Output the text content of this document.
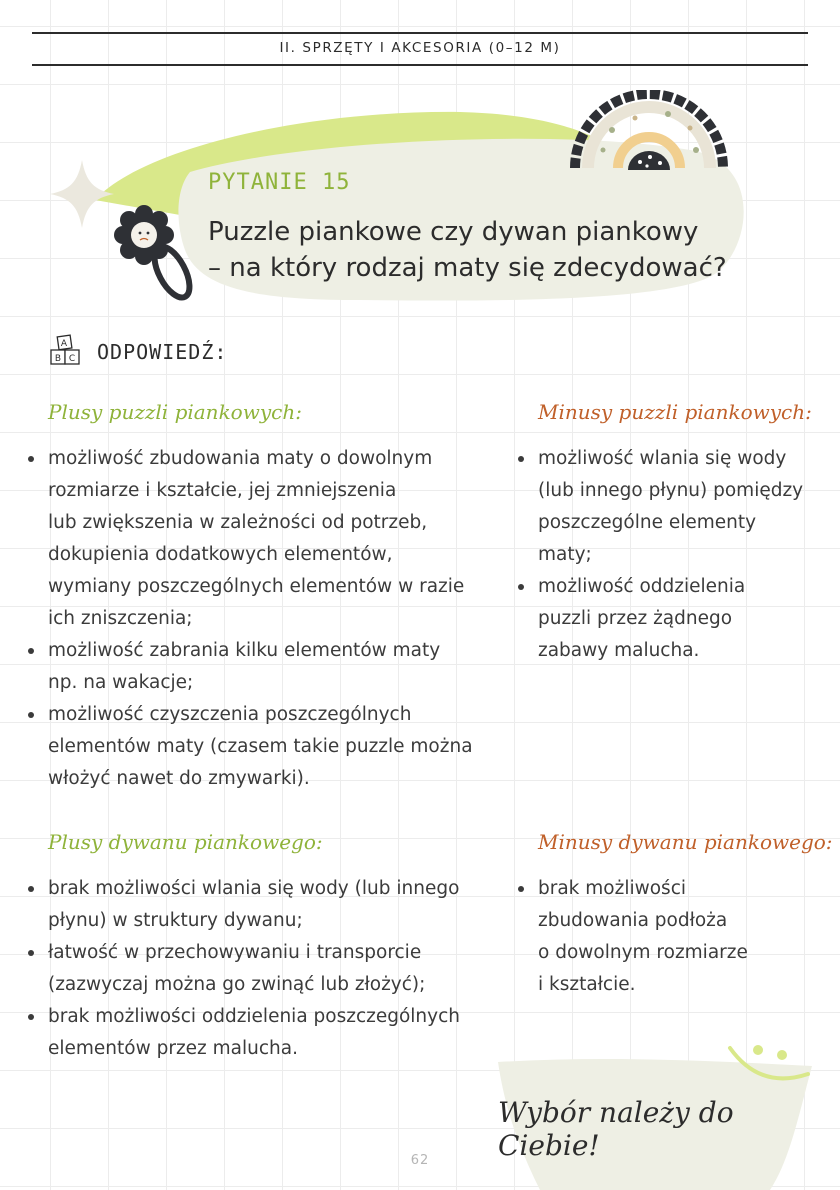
II. SPRZĘTY I AKCESORIA (0–12 M)
PYTANIE 15
Puzzle piankowe czy dywan piankowy
– na który rodzaj maty się zdecydować?
A
B C ODPOWIEDŹ:
Plusy puzzli piankowych:
możliwość zbudowania maty o dowolnym
rozmiarze i kształcie, jej zmniejszenia
lub zwiększenia w zależności od potrzeb,
dokupienia dodatkowych elementów,
wymiany poszczególnych elementów w razie
ich zniszczenia;
możliwość zabrania kilku elementów maty
np. na wakacje;
możliwość czyszczenia poszczególnych
elementów maty (czasem takie puzzle można
włożyć nawet do zmywarki).
Minusy puzzli piankowych:
możliwość wlania się wody
(lub innego płynu) pomiędzy
poszczególne elementy
maty;
możliwość oddzielenia
puzzli przez żądnego
zabawy malucha.
Plusy dywanu piankowego:
brak możliwości wlania się wody (lub innego
płynu) w struktury dywanu;
łatwość w przechowywaniu i transporcie
(zazwyczaj można go zwinąć lub złożyć);
brak możliwości oddzielenia poszczególnych
elementów przez malucha.
Minusy dywanu piankowego:
brak możliwości
zbudowania podłoża
o dowolnym rozmiarze
i kształcie.
Wybór należy do Ciebie!
62
